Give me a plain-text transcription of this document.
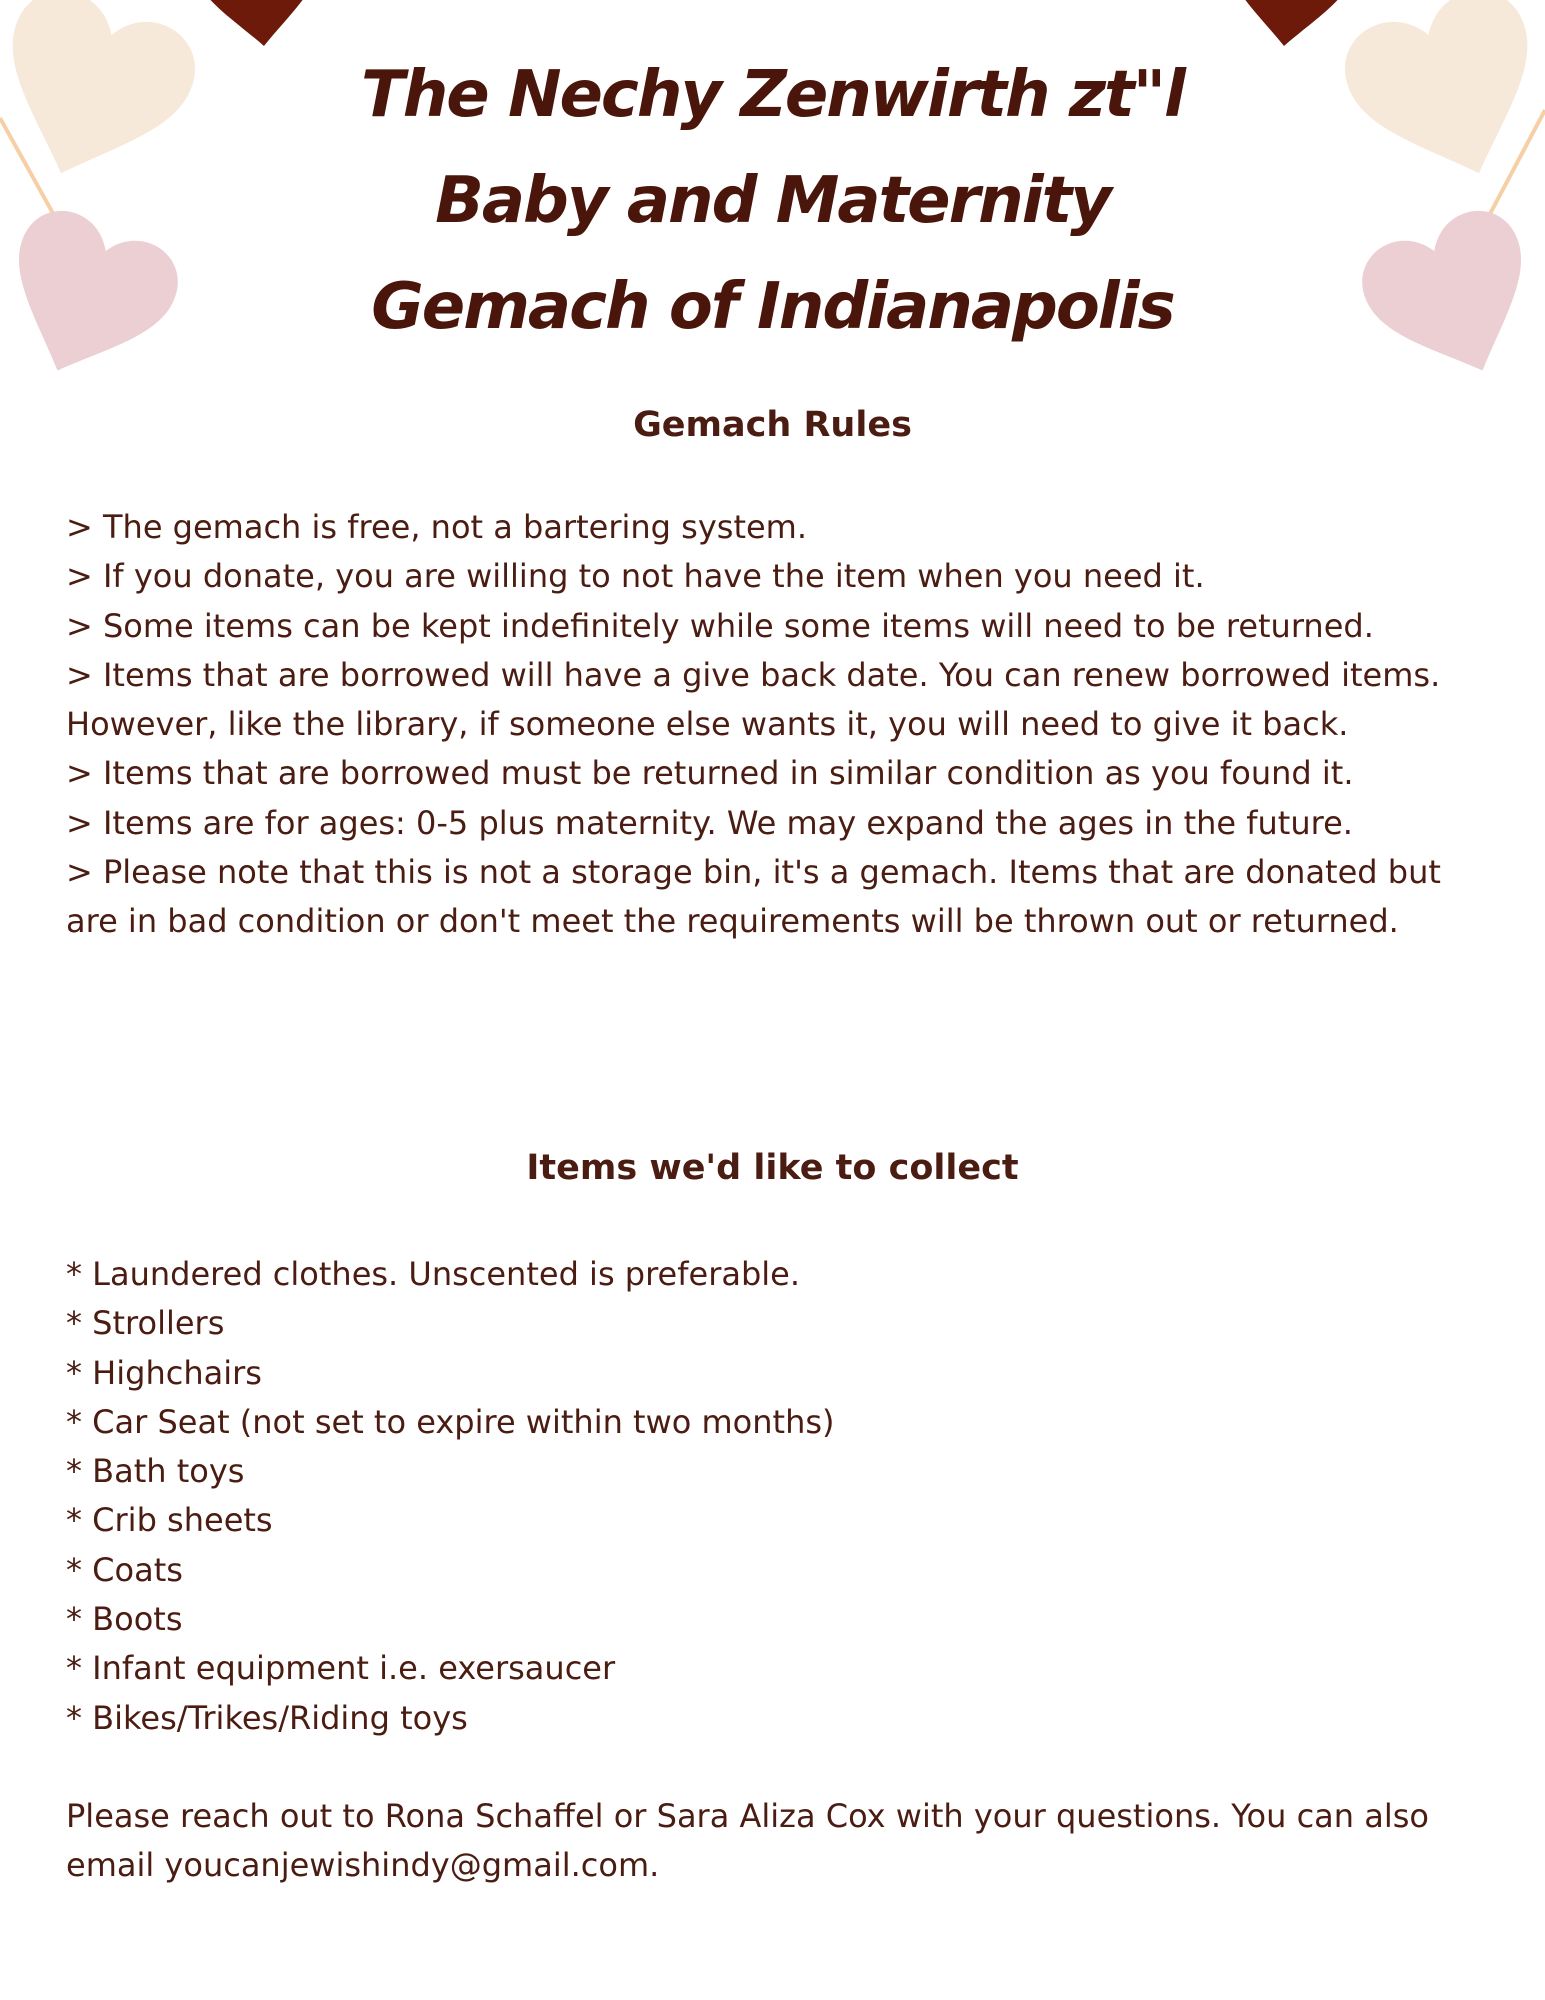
The Nechy Zenwirth zt"l
Baby and Maternity
Gemach of Indianapolis
Gemach Rules

> The gemach is free, not a bartering system.

> If you donate, you are willing to not have the item when you need it.

> Some items can be kept indefinitely while some items will need to be returned.

> Items that are borrowed will have a give back date. You can renew borrowed items. However, like the library, if someone else wants it, you will need to give it back.

> Items that are borrowed must be returned in similar condition as you found it.

> Items are for ages: 0-5 plus maternity. We may expand the ages in the future.

> Please note that this is not a storage bin, it's a gemach. Items that are donated but are in bad condition or don't meet the requirements will be thrown out or returned.

Items we'd like to collect

* Laundered clothes. Unscented is preferable.

* Strollers

* Highchairs

* Car Seat (not set to expire within two months)

* Bath toys

* Crib sheets

* Coats

* Boots

* Infant equipment i.e. exersaucer

* Bikes/Trikes/Riding toys

Please reach out to Rona Schaffel or Sara Aliza Cox with your questions. You can also email youcanjewishindy@gmail.com.
